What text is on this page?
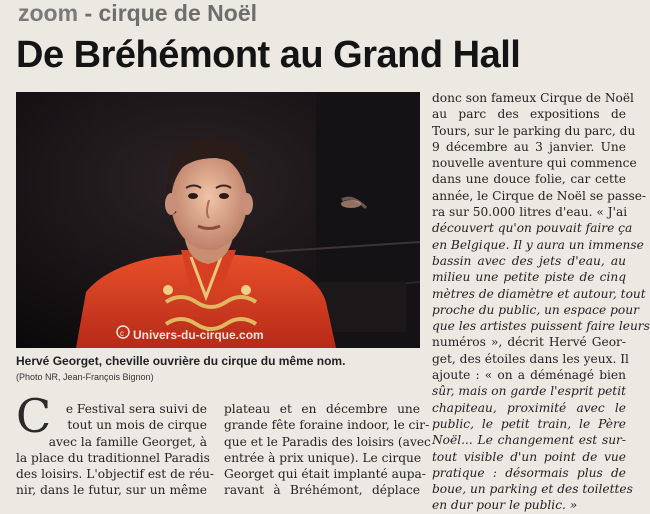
zoom - cirque de Noël
De Bréhémont au Grand Hall
c Univers-du-cirque.com

Hervé Georget, cheville ouvrière du cirque du même nom.

(Photo NR, Jean-François Bignon)

C	e Festival sera suivi de
tout un mois de cirque
avec la famille Georget, à
la place du traditionnel Paradis
des loisirs. L'objectif est de réu-
nir, dans le futur, sur un même
plateau et en décembre une
grande fête foraine indoor, le cir-
que et le Paradis des loisirs (avec
entrée à prix unique). Le cirque
Georget qui était implanté aupa-
ravant à Bréhémont, déplace
donc son fameux Cirque de Noël
au parc des expositions de
Tours, sur le parking du parc, du
9 décembre au 3 janvier. Une
nouvelle aventure qui commence
dans une douce folie, car cette
année, le Cirque de Noël se passe-
ra sur 50.000 litres d'eau. « J'ai
découvert qu'on pouvait faire ça
en Belgique. Il y aura un immense
bassin avec des jets d'eau, au
milieu une petite piste de cinq
mètres de diamètre et autour, tout
proche du public, un espace pour
que les artistes puissent faire leurs
numéros », décrit Hervé Geor-
get, des étoiles dans les yeux. Il
ajoute : « on a déménagé bien
sûr, mais on garde l'esprit petit
chapiteau, proximité avec le
public, le petit train, le Père
Noël... Le changement est sur-
tout visible d'un point de vue
pratique : désormais plus de
boue, un parking et des toilettes
en dur pour le public. »
